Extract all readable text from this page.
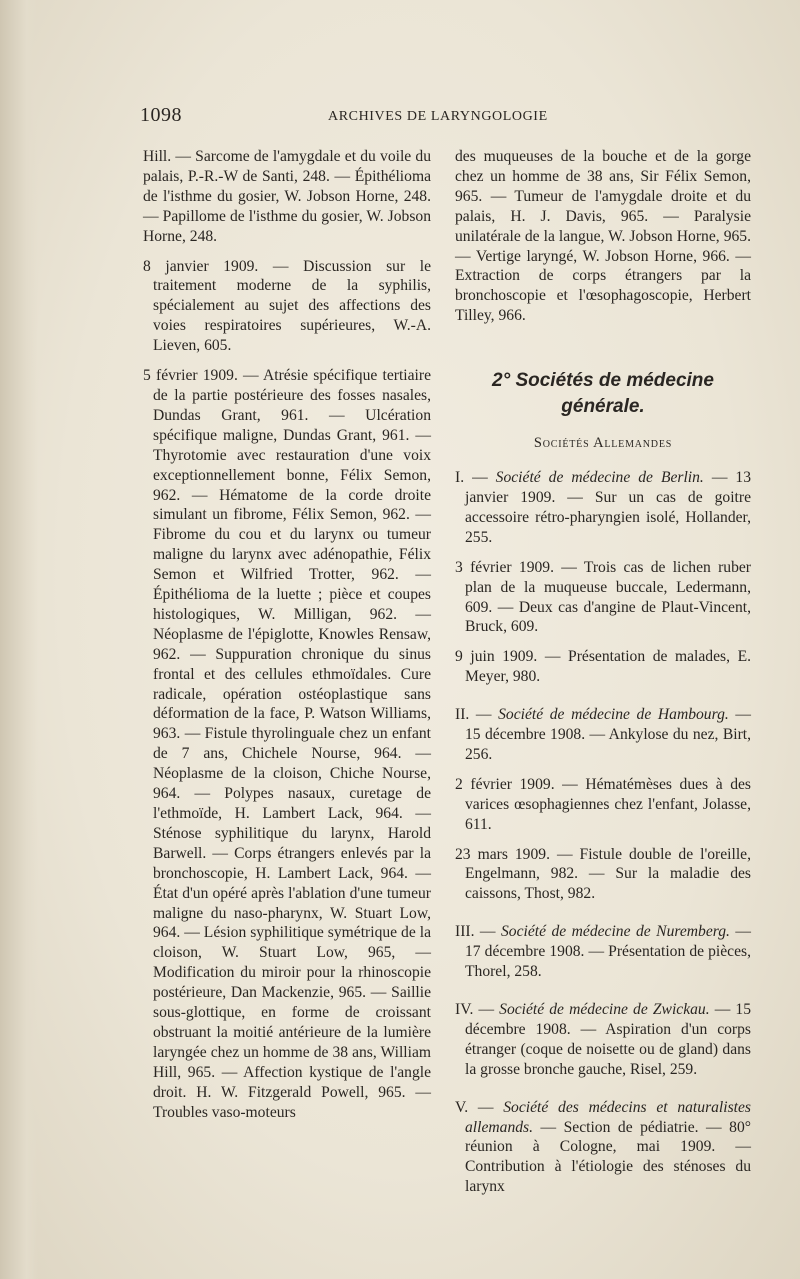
1098	ARCHIVES DE LARYNGOLOGIE

Hill. — Sarcome de l'amygdale et du voile du palais, P.-R.-W de Santi, 248. — Épithélioma de l'isthme du gosier, W. Jobson Horne, 248. — Papillome de l'isthme du gosier, W. Jobson Horne, 248.

8 janvier 1909. — Discussion sur le traitement moderne de la syphilis, spécialement au sujet des affections des voies respiratoires supérieures, W.-A. Lieven, 605.

5 février 1909. — Atrésie spécifique tertiaire de la partie postérieure des fosses nasales, Dundas Grant, 961. — Ulcération spécifique maligne, Dundas Grant, 961. — Thyrotomie avec restauration d'une voix exceptionnellement bonne, Félix Semon, 962. — Hématome de la corde droite simulant un fibrome, Félix Semon, 962. — Fibrome du cou et du larynx ou tumeur maligne du larynx avec adénopathie, Félix Semon et Wilfried Trotter, 962. — Épithélioma de la luette ; pièce et coupes histologiques, W. Milligan, 962. — Néoplasme de l'épiglotte, Knowles Rensaw, 962. — Suppuration chronique du sinus frontal et des cellules ethmoïdales. Cure radicale, opération ostéoplastique sans déformation de la face, P. Watson Williams, 963. — Fistule thyrolinguale chez un enfant de 7 ans, Chichele Nourse, 964. — Néoplasme de la cloison, Chiche Nourse, 964. — Polypes nasaux, curetage de l'ethmoïde, H. Lambert Lack, 964. — Sténose syphilitique du larynx, Harold Barwell. — Corps étrangers enlevés par la bronchoscopie, H. Lambert Lack, 964. — État d'un opéré après l'ablation d'une tumeur maligne du naso-pharynx, W. Stuart Low, 964. — Lésion syphilitique symétrique de la cloison, W. Stuart Low, 965, — Modification du miroir pour la rhinoscopie postérieure, Dan Mackenzie, 965. — Saillie sous-glottique, en forme de croissant obstruant la moitié antérieure de la lumière laryngée chez un homme de 38 ans, William Hill, 965. — Affection kystique de l'angle droit. H. W. Fitzgerald Powell, 965. — Troubles vaso-moteurs

des muqueuses de la bouche et de la gorge chez un homme de 38 ans, Sir Félix Semon, 965. — Tumeur de l'amygdale droite et du palais, H. J. Davis, 965. — Paralysie unilatérale de la langue, W. Jobson Horne, 965. — Vertige laryngé, W. Jobson Horne, 966. — Extraction de corps étrangers par la bronchoscopie et l'œsophagoscopie, Herbert Tilley, 966.

2° Sociétés de médecine
générale.
Sociétés Allemandes

I. — Société de médecine de Berlin. — 13 janvier 1909. — Sur un cas de goitre accessoire rétro-pharyngien isolé, Hollander, 255.

3 février 1909. — Trois cas de lichen ruber plan de la muqueuse buccale, Ledermann, 609. — Deux cas d'angine de Plaut-Vincent, Bruck, 609.

9 juin 1909. — Présentation de malades, E. Meyer, 980.

II. — Société de médecine de Hambourg. — 15 décembre 1908. — Ankylose du nez, Birt, 256.

2 février 1909. — Hématémèses dues à des varices œsophagiennes chez l'enfant, Jolasse, 611.

23 mars 1909. — Fistule double de l'oreille, Engelmann, 982. — Sur la maladie des caissons, Thost, 982.

III. — Société de médecine de Nuremberg. —17 décembre 1908. — Présentation de pièces, Thorel, 258.

IV. — Société de médecine de Zwickau. — 15 décembre 1908. — Aspiration d'un corps étranger (coque de noisette ou de gland) dans la grosse bronche gauche, Risel, 259.

V. — Société des médecins et naturalistes allemands. — Section de pédiatrie. — 80° réunion à Cologne, mai 1909. — Contribution à l'étiologie des sténoses du larynx
